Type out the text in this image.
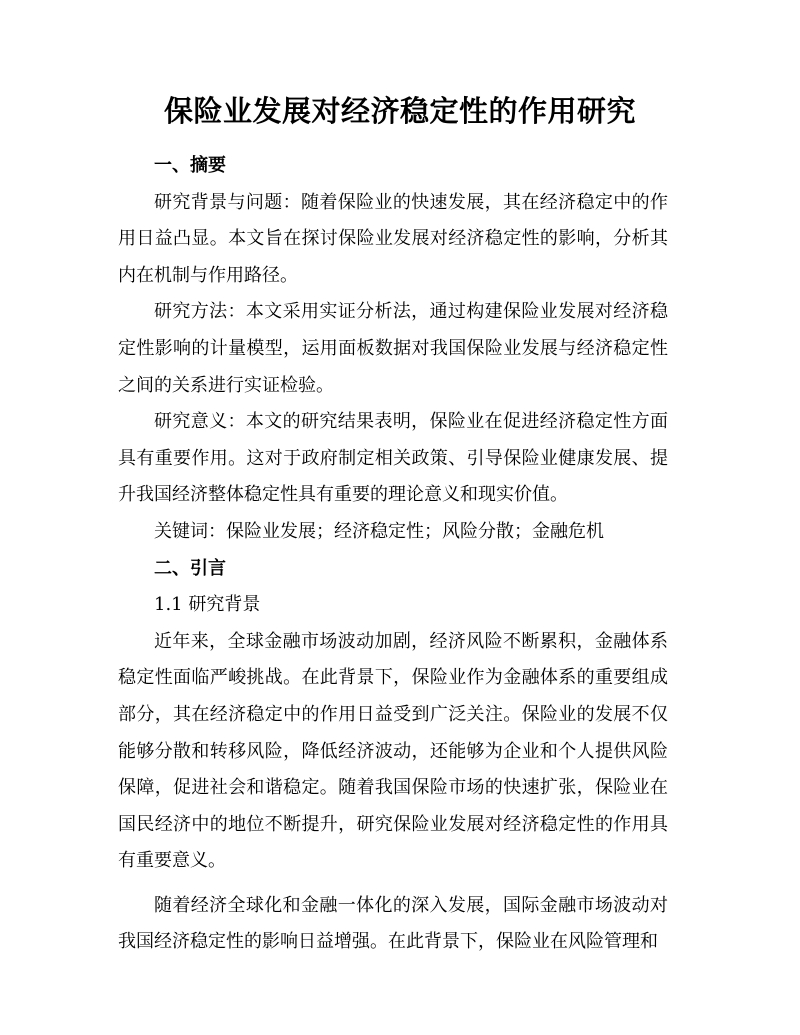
保险业发展对经济稳定性的作用研究

一、摘要

研究背景与问题：随着保险业的快速发展，其在经济稳定中的作用日益凸显。本文旨在探讨保险业发展对经济稳定性的影响，分析其内在机制与作用路径。

研究方法：本文采用实证分析法，通过构建保险业发展对经济稳定性影响的计量模型，运用面板数据对我国保险业发展与经济稳定性之间的关系进行实证检验。

研究意义：本文的研究结果表明，保险业在促进经济稳定性方面具有重要作用。这对于政府制定相关政策、引导保险业健康发展、提升我国经济整体稳定性具有重要的理论意义和现实价值。

关键词：保险业发展；经济稳定性；风险分散；金融危机

二、引言

1.1 研究背景

近年来，全球金融市场波动加剧，经济风险不断累积，金融体系稳定性面临严峻挑战。在此背景下，保险业作为金融体系的重要组成部分，其在经济稳定中的作用日益受到广泛关注。保险业的发展不仅能够分散和转移风险，降低经济波动，还能够为企业和个人提供风险保障，促进社会和谐稳定。随着我国保险市场的快速扩张，保险业在国民经济中的地位不断提升，研究保险业发展对经济稳定性的作用具有重要意义。

随着经济全球化和金融一体化的深入发展，国际金融市场波动对我国经济稳定性的影响日益增强。在此背景下，保险业在风险管理和
